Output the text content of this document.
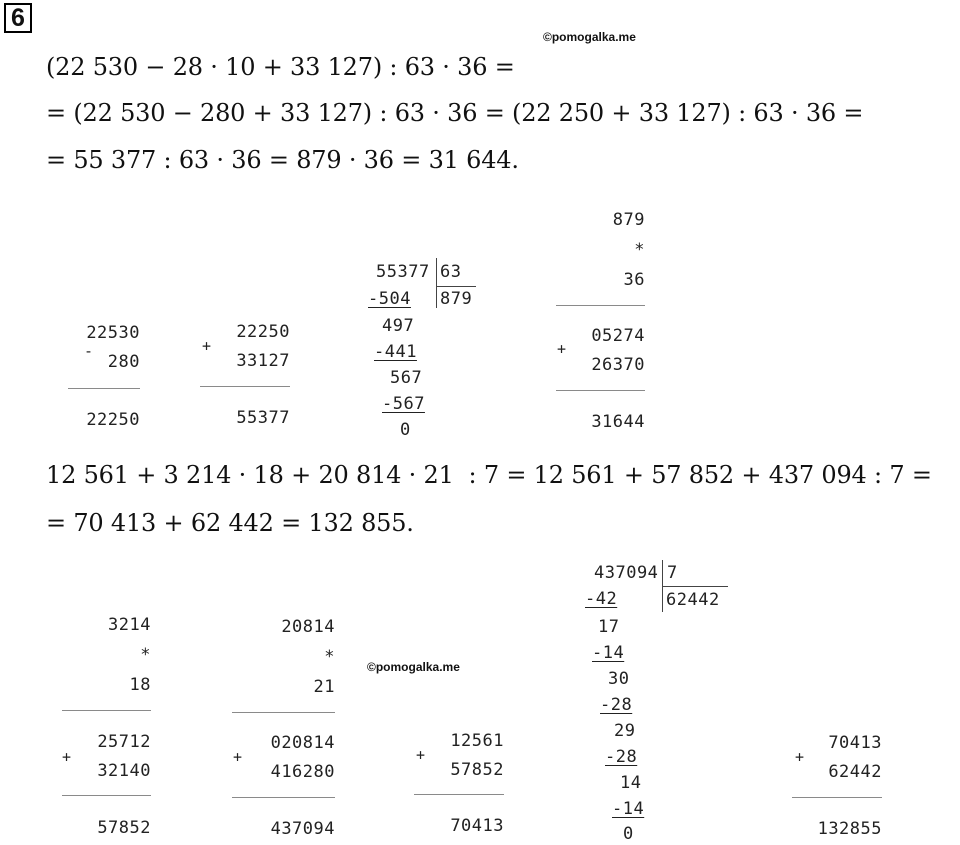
6
©pomogalka.me
(22 530 − 28 · 10 + 33 127) : 63 · 36 =
= (22 530 − 280 + 33 127) : 63 · 36 = (22 250 + 33 127) : 63 · 36 =
= 55 377 : 63 · 36 = 879 · 36 = 31 644.
22530
-
280
22250
+
22250
33127
55377
55377 63
879
-504
497
-441
567
-567
0
879
*
36
+
05274
26370
31644
12 561 + 3 214 · 18 + 20 814 · 21  : 7 = 12 561 + 57 852 + 437 094 : 7 =
= 70 413 + 62 442 = 132 855.
3214
*
18
+
25712
32140
57852
20814
*
21
+
020814
416280
437094
©pomogalka.me
+
12561
57852
70413
437094 7
62442
-42
17
-14
30
-28
29
-28
14
-14
0
+
70413
62442
132855
